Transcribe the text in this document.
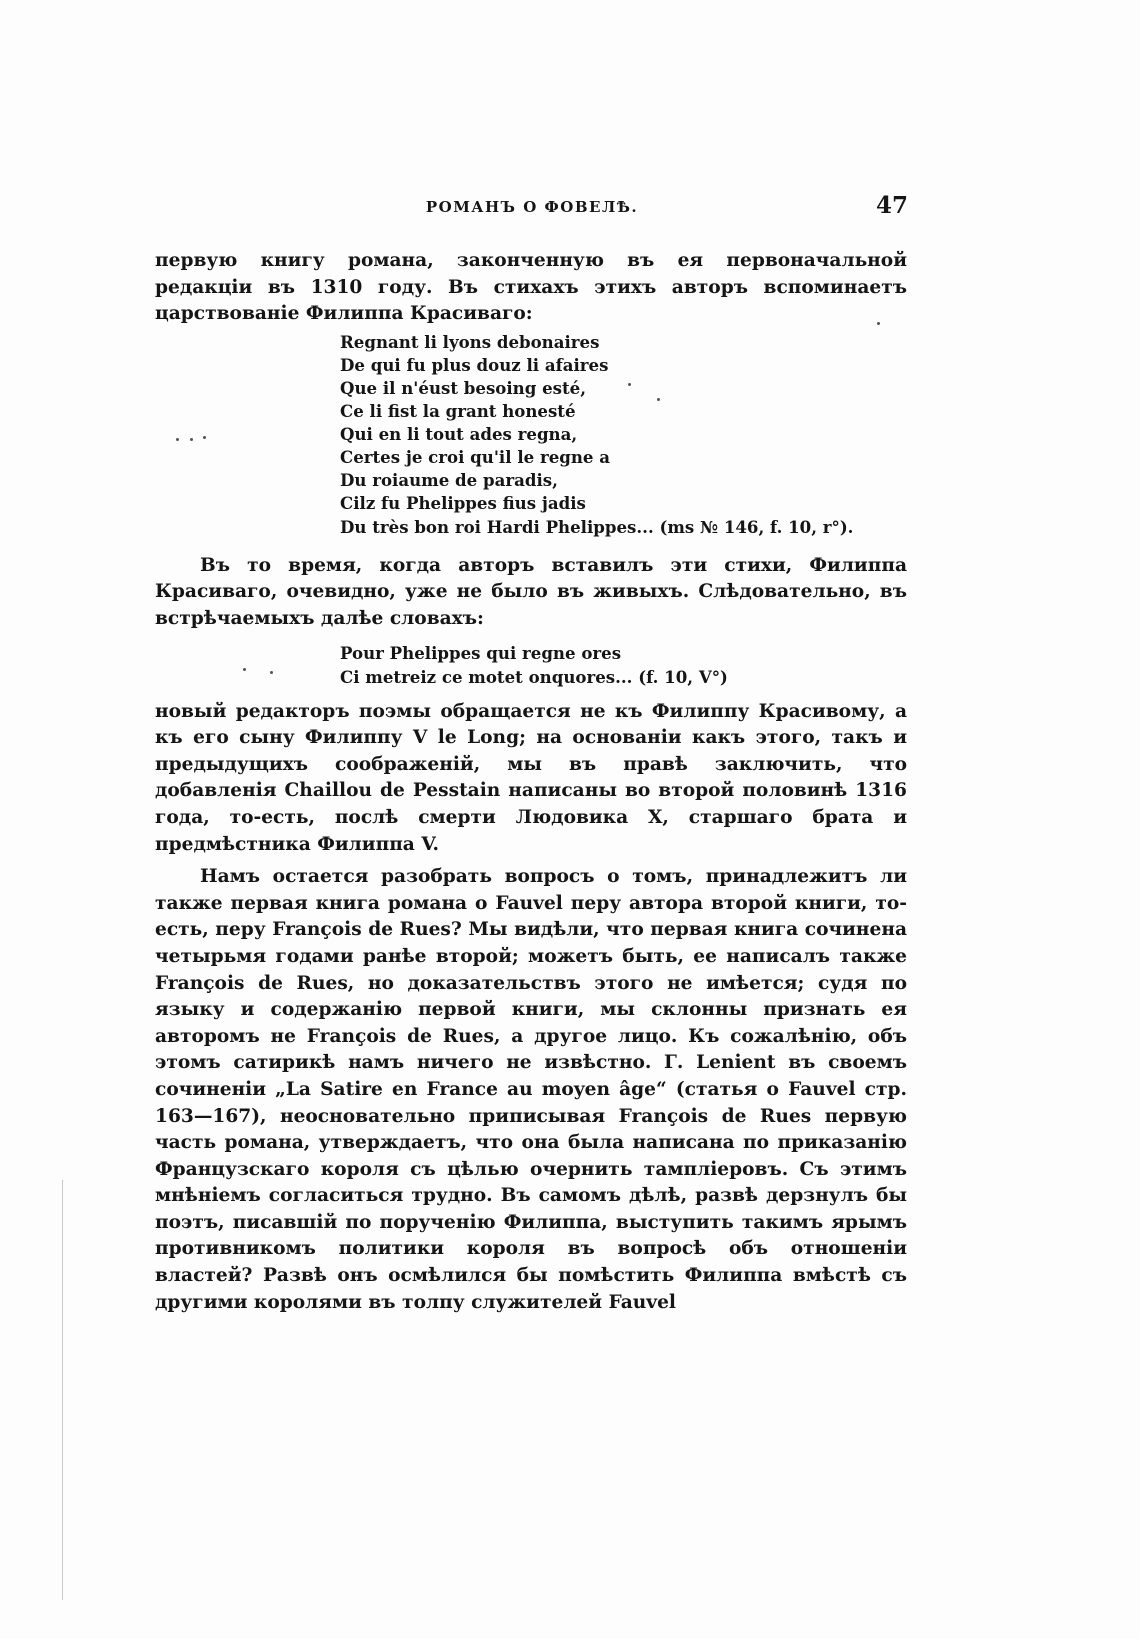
РОМАНЪ О ФОВЕЛѢ.	47

первую книгу романа, законченную въ ея первоначальной редакціи въ 1310 году. Въ стихахъ этихъ авторъ вспоминаетъ царствованіе Филиппа Красиваго:

Regnant li lyons debonaires
De qui fu plus douz li afaires
Que il n'éust besoing esté,
Ce li fist la grant honesté
Qui en li tout ades regna,
Certes je croi qu'il le regne a
Du roiaume de paradis,
Cilz fu Phelippes fius jadis
Du très bon roi Hardi Phelippes... (ms № 146, f. 10, r°).

Въ то время, когда авторъ вставилъ эти стихи, Филиппа Красиваго, очевидно, уже не было въ живыхъ. Слѣдовательно, въ встрѣчаемыхъ далѣе словахъ:

Pour Phelippes qui regne ores
Ci metreiz ce motet onquores... (f. 10, V°)

новый редакторъ поэмы обращается не къ Филиппу Красивому, а къ его сыну Филиппу V le Long; на основаніи какъ этого, такъ и предыдущихъ соображеній, мы въ правѣ заключить, что добавленія Chaillou de Pesstain написаны во второй половинѣ 1316 года, то-есть, послѣ смерти Людовика X, старшаго брата и предмѣстника Филиппа V.

Намъ остается разобрать вопросъ о томъ, принадлежитъ ли также первая книга романа о Fauvel перу автора второй книги, то-есть, перу François de Rues? Мы видѣли, что первая книга сочинена четырьмя годами ранѣе второй; можетъ быть, ее написалъ также François de Rues, но доказательствъ этого не имѣется; судя по языку и содержанію первой книги, мы склонны признать ея авторомъ не François de Rues, а другое лицо. Къ сожалѣнію, объ этомъ сатирикѣ намъ ничего не извѣстно. Г. Lenient въ своемъ сочиненіи „La Satire en France au moyen âge“ (статья о Fauvel стр. 163—167), неосновательно приписывая François de Rues первую часть романа, утверждаетъ, что она была написана по приказанію Французскаго короля съ цѣлью очернить тампліеровъ. Съ этимъ мнѣніемъ согласиться трудно. Въ самомъ дѣлѣ, развѣ дерзнулъ бы поэтъ, писавшій по порученію Филиппа, выступить такимъ ярымъ противникомъ политики короля въ вопросѣ объ отношеніи властей? Развѣ онъ осмѣлился бы помѣстить Филиппа вмѣстѣ съ другими королями въ толпу служителей Fauvel
